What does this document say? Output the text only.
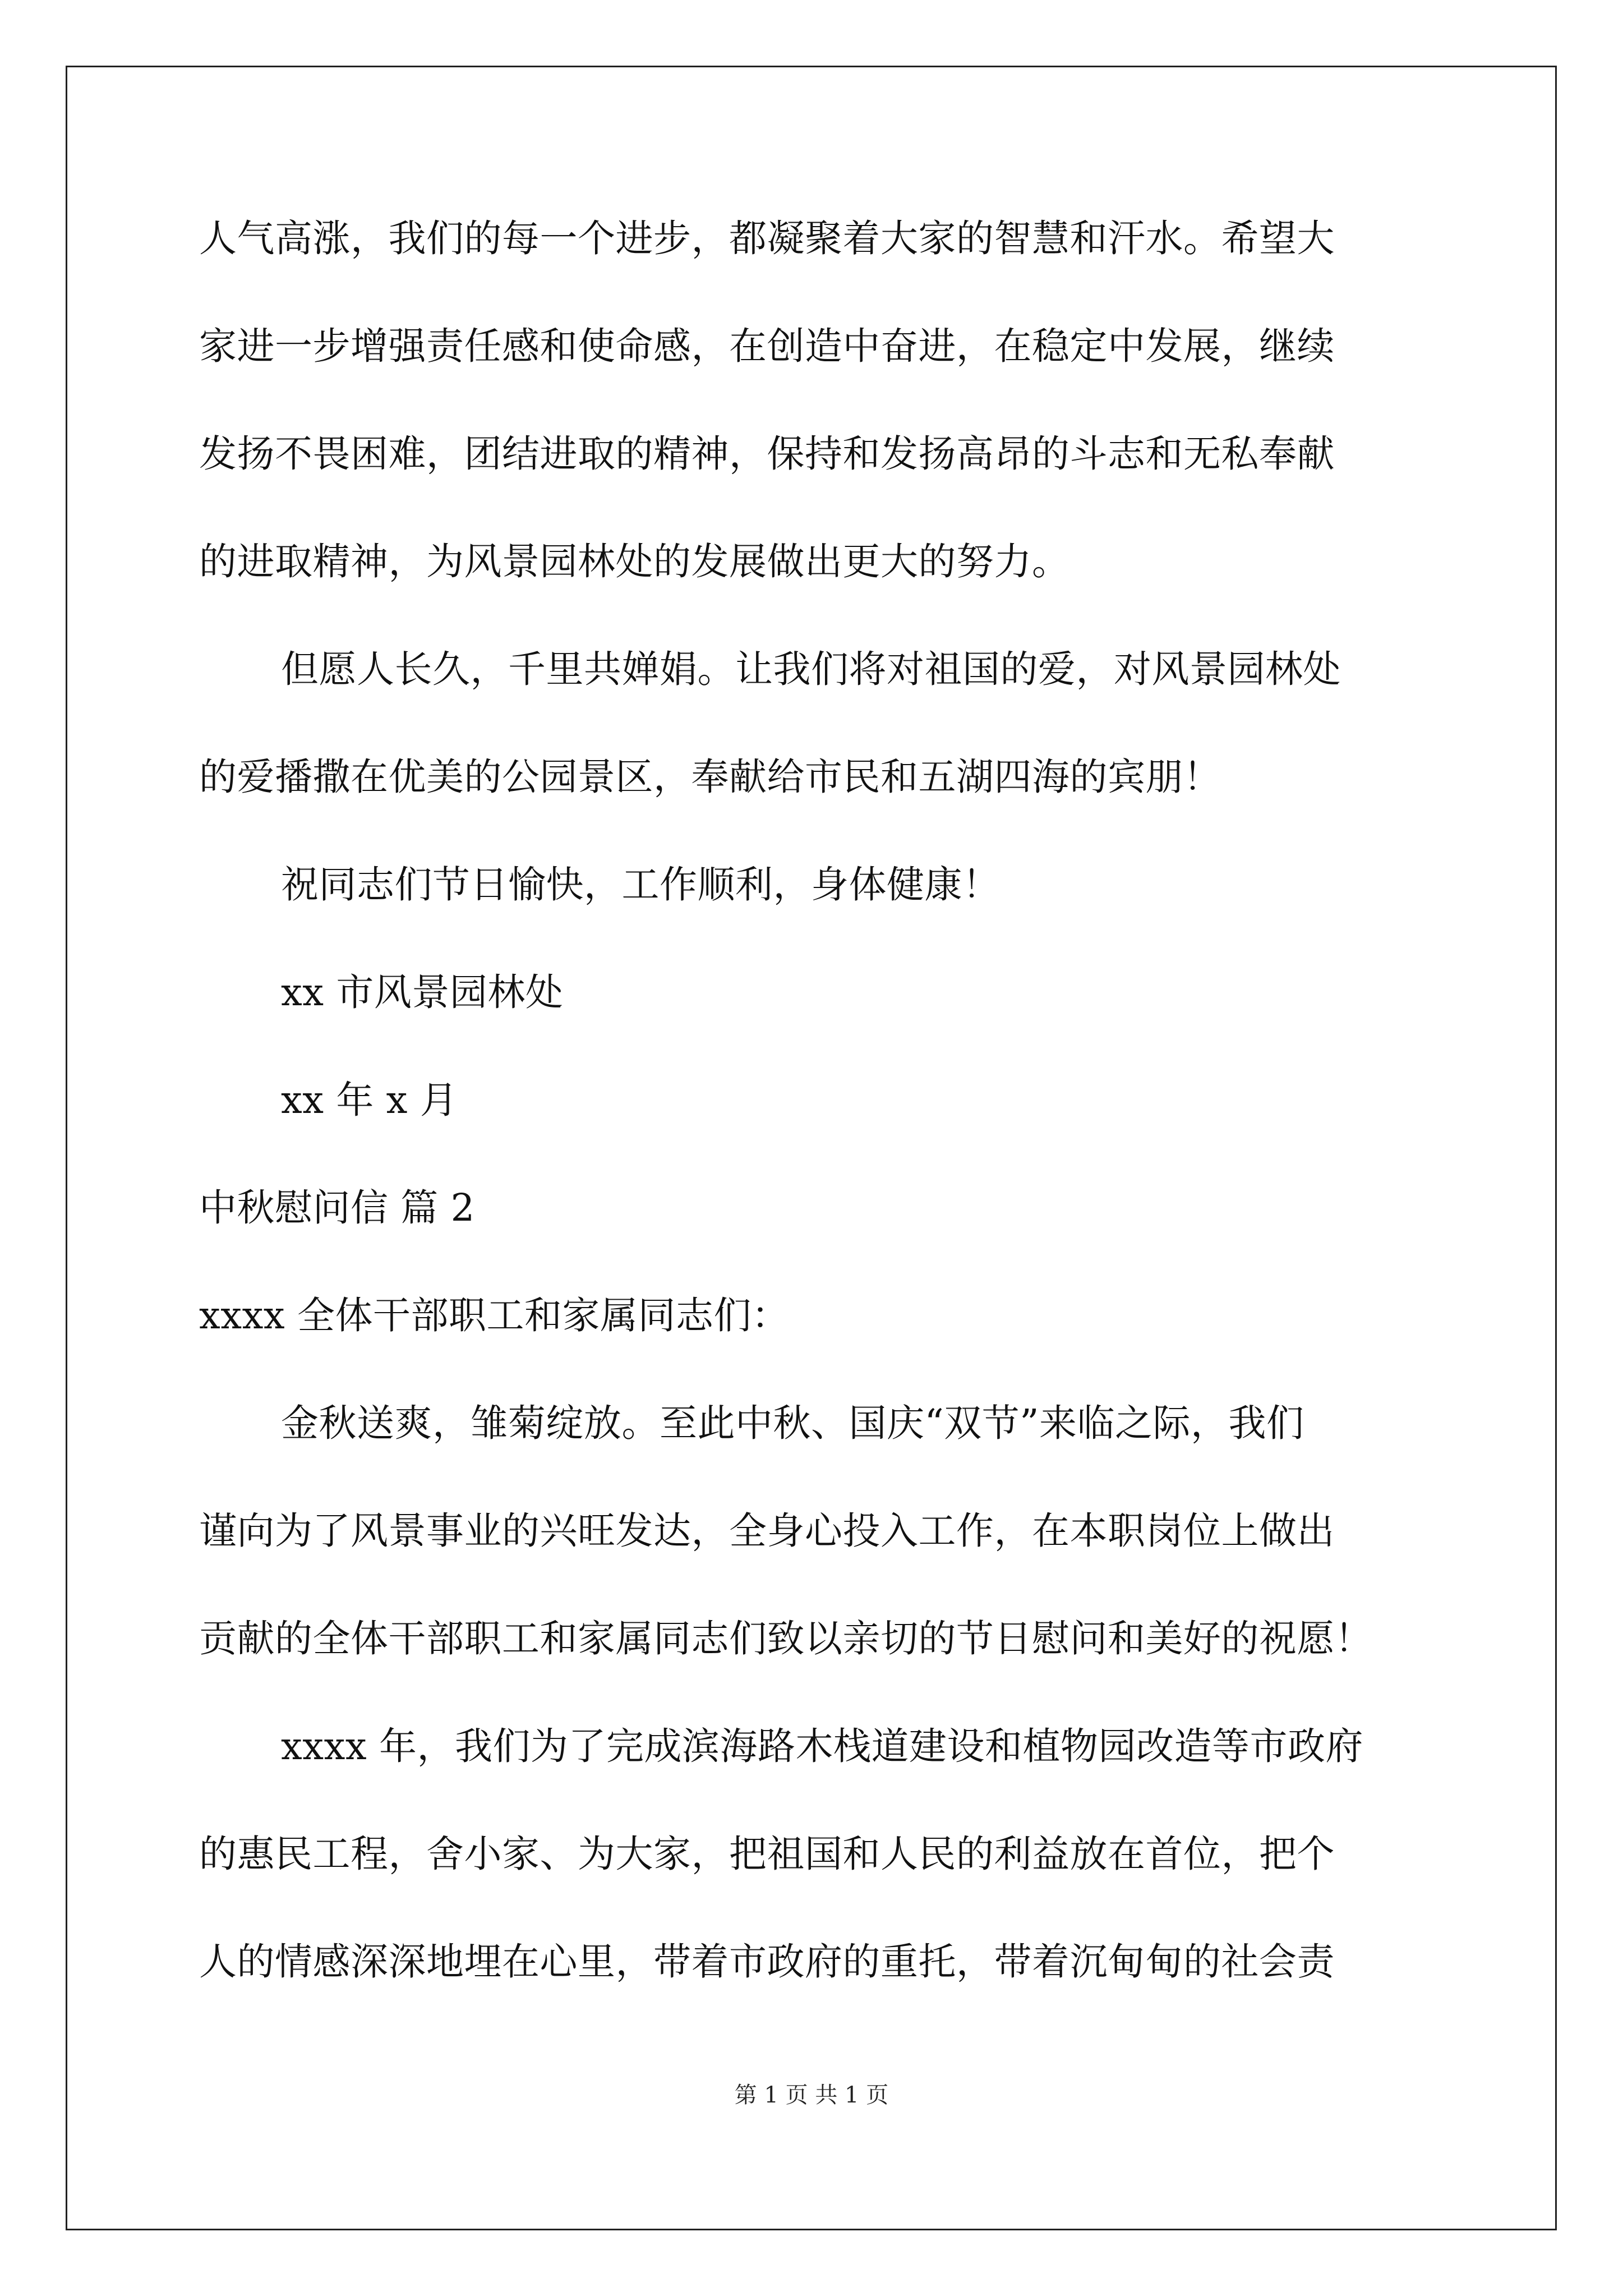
人气高涨，我们的每一个进步，都凝聚着大家的智慧和汗水。希望大
家进一步增强责任感和使命感，在创造中奋进，在稳定中发展，继续
发扬不畏困难，团结进取的精神，保持和发扬高昂的斗志和无私奉献
的进取精神，为风景园林处的发展做出更大的努力。
但愿人长久，千里共婵娟。让我们将对祖国的爱，对风景园林处
的爱播撒在优美的公园景区，奉献给市民和五湖四海的宾朋！
祝同志们节日愉快，工作顺利，身体健康！
xx 市风景园林处
xx 年 x 月
中秋慰问信 篇 2
xxxx 全体干部职工和家属同志们：
金秋送爽，雏菊绽放。至此中秋、国庆“双节”来临之际，我们
谨向为了风景事业的兴旺发达，全身心投入工作，在本职岗位上做出
贡献的全体干部职工和家属同志们致以亲切的节日慰问和美好的祝愿！
xxxx 年，我们为了完成滨海路木栈道建设和植物园改造等市政府
的惠民工程，舍小家、为大家，把祖国和人民的利益放在首位，把个
人的情感深深地埋在心里，带着市政府的重托，带着沉甸甸的社会责
第 1 页 共 1 页
